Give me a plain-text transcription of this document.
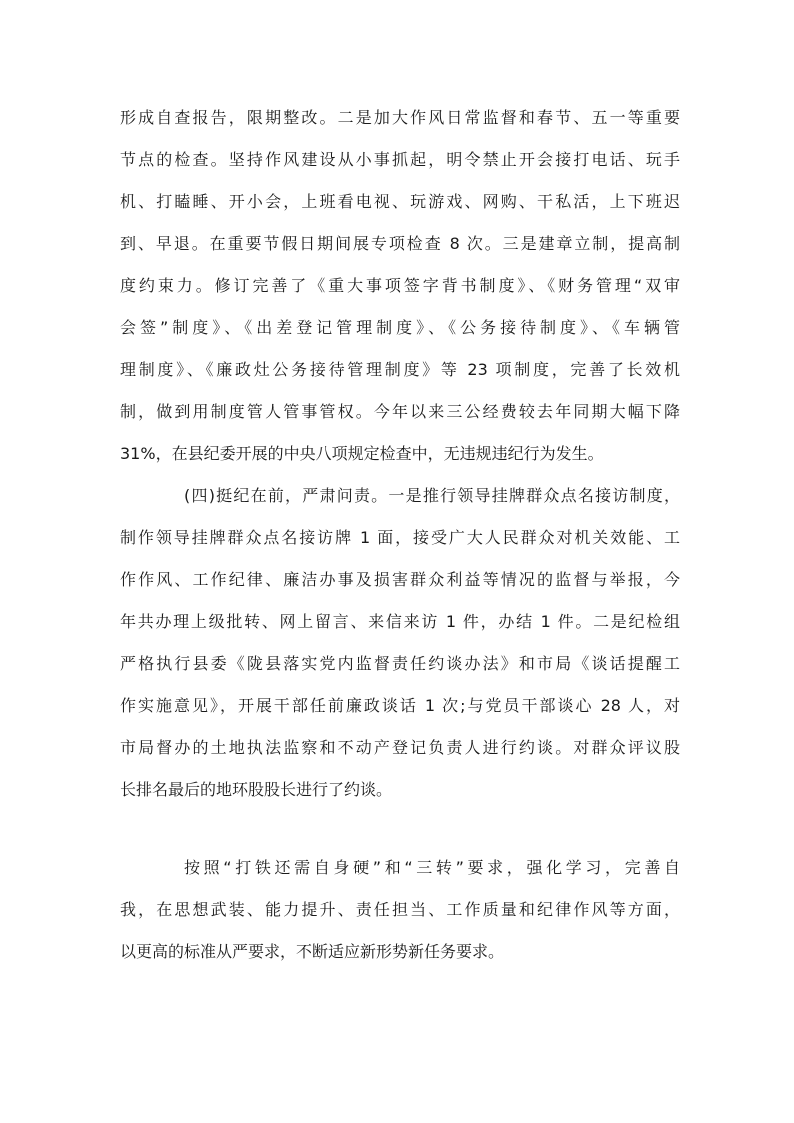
形成自查报告，限期整改。二是加大作风日常监督和春节、五一等重要
节点的检查。坚持作风建设从小事抓起，明令禁止开会接打电话、玩手
机、打瞌睡、开小会，上班看电视、玩游戏、网购、干私活，上下班迟
到、早退。在重要节假日期间展专项检查 8 次。三是建章立制，提高制
度约束力。修订完善了《重大事项签字背书制度》、《财务管理“双审
会签”制度》、《出差登记管理制度》、《公务接待制度》、《车辆管
理制度》、《廉政灶公务接待管理制度》等 23 项制度，完善了长效机
制，做到用制度管人管事管权。今年以来三公经费较去年同期大幅下降
31%，在县纪委开展的中央八项规定检查中，无违规违纪行为发生。
(四)挺纪在前，严肃问责。一是推行领导挂牌群众点名接访制度，
制作领导挂牌群众点名接访牌 1 面，接受广大人民群众对机关效能、工
作作风、工作纪律、廉洁办事及损害群众利益等情况的监督与举报，今
年共办理上级批转、网上留言、来信来访 1 件，办结 1 件。二是纪检组
严格执行县委《陇县落实党内监督责任约谈办法》和市局《谈话提醒工
作实施意见》，开展干部任前廉政谈话 1 次;与党员干部谈心 28 人，对
市局督办的土地执法监察和不动产登记负责人进行约谈。对群众评议股
长排名最后的地环股股长进行了约谈。
按照“打铁还需自身硬”和“三转”要求，强化学习，完善自
我，在思想武装、能力提升、责任担当、工作质量和纪律作风等方面，
以更高的标准从严要求，不断适应新形势新任务要求。
